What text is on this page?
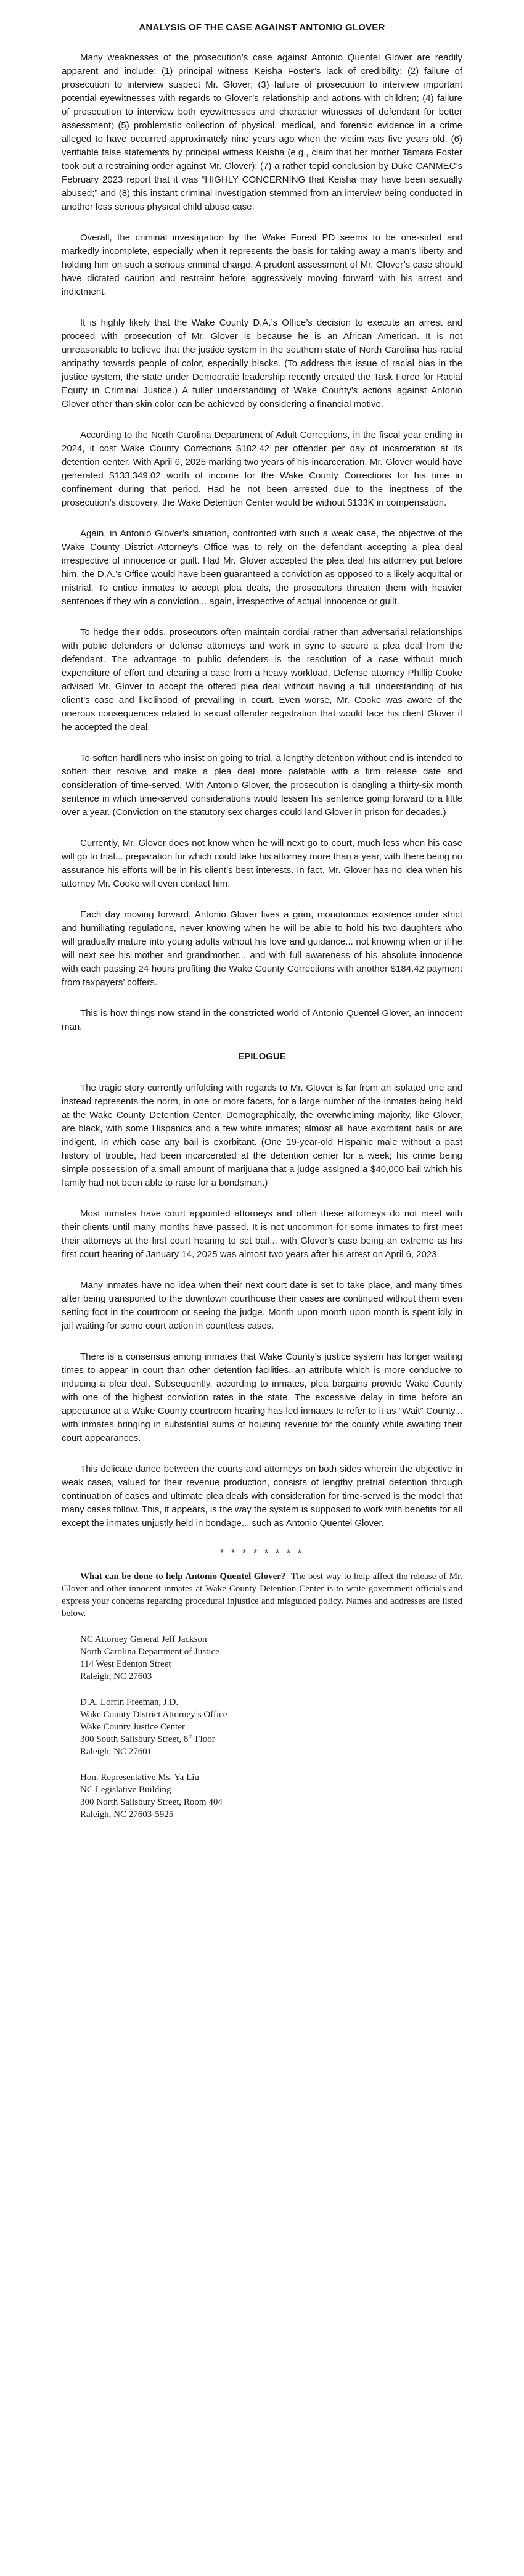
ANALYSIS OF THE CASE AGAINST ANTONIO GLOVER

Many weaknesses of the prosecution’s case against Antonio Quentel Glover are readily apparent and include: (1) principal witness Keisha Foster’s lack of credibility; (2) failure of prosecution to interview suspect Mr. Glover; (3) failure of prosecution to interview important potential eyewitnesses with regards to Glover’s relationship and actions with children; (4) failure of prosecution to interview both eyewitnesses and character witnesses of defendant for better assessment; (5) problematic collection of physical, medical, and forensic evidence in a crime alleged to have occurred approximately nine years ago when the victim was five years old; (6) verifiable false statements by principal witness Keisha (e.g., claim that her mother Tamara Foster took out a restraining order against Mr. Glover); (7) a rather tepid conclusion by Duke CANMEC’s February 2023 report that it was “HIGHLY CONCERNING that Keisha may have been sexually abused;” and (8) this instant criminal investigation stemmed from an interview being conducted in another less serious physical child abuse case.

Overall, the criminal investigation by the Wake Forest PD seems to be one-sided and markedly incomplete, especially when it represents the basis for taking away a man’s liberty and holding him on such a serious criminal charge. A prudent assessment of Mr. Glover’s case should have dictated caution and restraint before aggressively moving forward with his arrest and indictment.

It is highly likely that the Wake County D.A.’s Office’s decision to execute an arrest and proceed with prosecution of Mr. Glover is because he is an African American. It is not unreasonable to believe that the justice system in the southern state of North Carolina has racial antipathy towards people of color, especially blacks. (To address this issue of racial bias in the justice system, the state under Democratic leadership recently created the Task Force for Racial Equity in Criminal Justice.) A fuller understanding of Wake County’s actions against Antonio Glover other than skin color can be achieved by considering a financial motive.

According to the North Carolina Department of Adult Corrections, in the fiscal year ending in 2024, it cost Wake County Corrections $182.42 per offender per day of incarceration at its detention center. With April 6, 2025 marking two years of his incarceration, Mr. Glover would have generated $133,349.02 worth of income for the Wake County Corrections for his time in confinement during that period. Had he not been arrested due to the ineptness of the prosecution’s discovery, the Wake Detention Center would be without $133K in compensation.

Again, in Antonio Glover’s situation, confronted with such a weak case, the objective of the Wake County District Attorney’s Office was to rely on the defendant accepting a plea deal irrespective of innocence or guilt. Had Mr. Glover accepted the plea deal his attorney put before him, the D.A.’s Office would have been guaranteed a conviction as opposed to a likely acquittal or mistrial. To entice inmates to accept plea deals, the prosecutors threaten them with heavier sentences if they win a conviction... again, irrespective of actual innocence or guilt.

To hedge their odds, prosecutors often maintain cordial rather than adversarial relationships with public defenders or defense attorneys and work in sync to secure a plea deal from the defendant. The advantage to public defenders is the resolution of a case without much expenditure of effort and clearing a case from a heavy workload. Defense attorney Phillip Cooke advised Mr. Glover to accept the offered plea deal without having a full understanding of his client’s case and likelihood of prevailing in court. Even worse, Mr. Cooke was aware of the onerous consequences related to sexual offender registration that would face his client Glover if he accepted the deal.

To soften hardliners who insist on going to trial, a lengthy detention without end is intended to soften their resolve and make a plea deal more palatable with a firm release date and consideration of time-served. With Antonio Glover, the prosecution is dangling a thirty-six month sentence in which time-served considerations would lessen his sentence going forward to a little over a year. (Conviction on the statutory sex charges could land Glover in prison for decades.)

Currently, Mr. Glover does not know when he will next go to court, much less when his case will go to trial... preparation for which could take his attorney more than a year, with there being no assurance his efforts will be in his client’s best interests. In fact, Mr. Glover has no idea when his attorney Mr. Cooke will even contact him.

Each day moving forward, Antonio Glover lives a grim, monotonous existence under strict and humiliating regulations, never knowing when he will be able to hold his two daughters who will gradually mature into young adults without his love and guidance... not knowing when or if he will next see his mother and grandmother... and with full awareness of his absolute innocence with each passing 24 hours profiting the Wake County Corrections with another $184.42 payment from taxpayers’ coffers.

This is how things now stand in the constricted world of Antonio Quentel Glover, an innocent man.

EPILOGUE

The tragic story currently unfolding with regards to Mr. Glover is far from an isolated one and instead represents the norm, in one or more facets, for a large number of the inmates being held at the Wake County Detention Center. Demographically, the overwhelming majority, like Glover, are black, with some Hispanics and a few white inmates; almost all have exorbitant bails or are indigent, in which case any bail is exorbitant. (One 19-year-old Hispanic male without a past history of trouble, had been incarcerated at the detention center for a week; his crime being simple possession of a small amount of marijuana that a judge assigned a $40,000 bail which his family had not been able to raise for a bondsman.)

Most inmates have court appointed attorneys and often these attorneys do not meet with their clients until many months have passed. It is not uncommon for some inmates to first meet their attorneys at the first court hearing to set bail... with Glover’s case being an extreme as his first court hearing of January 14, 2025 was almost two years after his arrest on April 6, 2023.

Many inmates have no idea when their next court date is set to take place, and many times after being transported to the downtown courthouse their cases are continued without them even setting foot in the courtroom or seeing the judge. Month upon month upon month is spent idly in jail waiting for some court action in countless cases.

There is a consensus among inmates that Wake County’s justice system has longer waiting times to appear in court than other detention facilities, an attribute which is more conducive to inducing a plea deal. Subsequently, according to inmates, plea bargains provide Wake County with one of the highest conviction rates in the state. The excessive delay in time before an appearance at a Wake County courtroom hearing has led inmates to refer to it as “Wait” County... with inmates bringing in substantial sums of housing revenue for the county while awaiting their court appearances.

This delicate dance between the courts and attorneys on both sides wherein the objective in weak cases, valued for their revenue production, consists of lengthy pretrial detention through continuation of cases and ultimate plea deals with consideration for time-served is the model that many cases follow. This, it appears, is the way the system is supposed to work with benefits for all except the inmates unjustly held in bondage... such as Antonio Quentel Glover.

* * * * * * * *

What can be done to help Antonio Quentel Glover? The best way to help affect the release of Mr. Glover and other innocent inmates at Wake County Detention Center is to write government officials and express your concerns regarding procedural injustice and misguided policy. Names and addresses are listed below.

NC Attorney General Jeff Jackson
North Carolina Department of Justice
114 West Edenton Street
Raleigh, NC 27603
D.A. Lorrin Freeman, J.D.
Wake County District Attorney’s Office
Wake County Justice Center
300 South Salisbury Street, 8th Floor
Raleigh, NC 27601
Hon. Representative Ms. Ya Liu
NC Legislative Building
300 North Salisbury Street, Room 404
Raleigh, NC 27603-5925
